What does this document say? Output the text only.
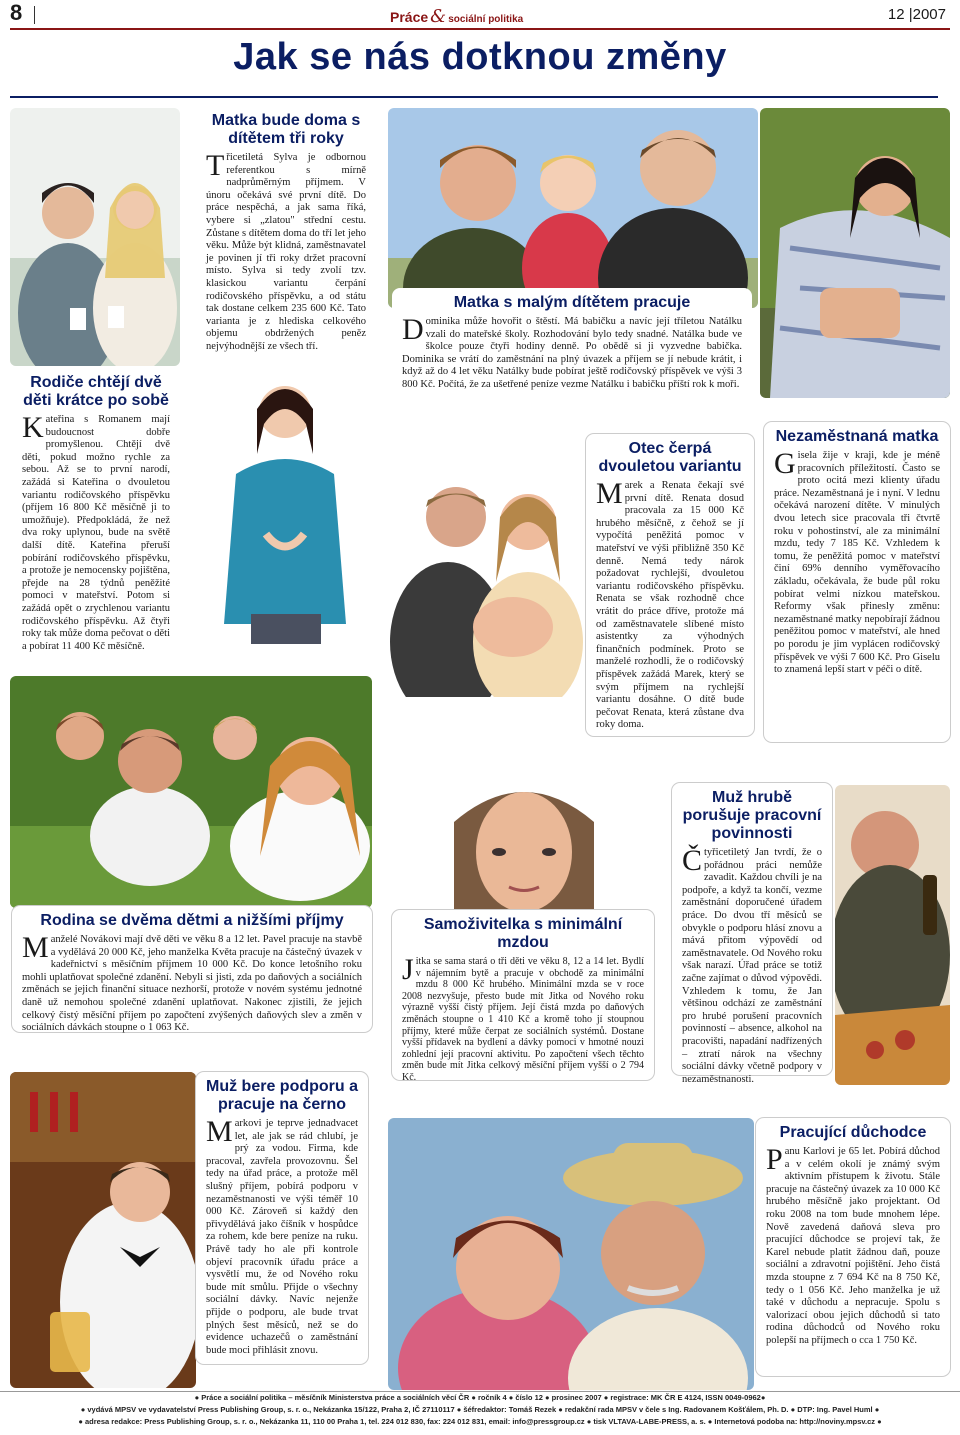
8	Práce & sociální politika	12 |2007
Jak se nás dotknou změny
Rodiče chtějí dvě děti krátce po sobě

Kateřina s Romanem mají budoucnost dobře promyšlenou. Chtějí dvě děti, pokud možno rychle za sebou. Až se to první narodí, zažádá si Kateřina o dvouletou variantu rodičovského příspěvku (příjem 16 800 Kč měsíčně ji to umožňuje). Předpokládá, že než dva roky uplynou, bude na světě další dítě. Kateřina přeruší pobírání rodičovského příspěvku, a protože je nemocensky pojištěna, přejde na 28 týdnů peněžité pomoci v mateřství. Potom si zažádá opět o zrychlenou variantu rodičovského příspěvku. Až čtyři roky tak může doma pečovat o děti a pobírat 11 400 Kč měsíčně.

Matka bude doma s dítětem tři roky

Třicetiletá Sylva je odbornou referentkou s mírně nadprůměrným příjmem. V únoru očekává své první dítě. Do práce nespěchá, a jak sama říká, vybere si „zlatou" střední cestu. Zůstane s dítětem doma do tří let jeho věku. Může být klidná, zaměstnavatel je povinen jí tři roky držet pracovní místo. Sylva si tedy zvolí tzv. klasickou variantu čerpání rodičovského příspěvku, a od státu tak dostane celkem 235 600 Kč. Tato varianta je z hlediska celkového objemu obdržených peněz nejvýhodnější ze všech tří.

Matka s malým dítětem pracuje

Dominika může hovořit o štěstí. Má babičku a navíc její tříletou Natálku vzali do mateřské školy. Rozhodování bylo tedy snadné. Natálka bude ve školce pouze čtyři hodiny denně. Po obědě si ji vyzvedne babička. Dominika se vrátí do zaměstnání na plný úvazek a příjem se jí nebude krátit, i když až do 4 let věku Natálky bude pobírat ještě rodičovský příspěvek ve výši 3 800 Kč. Počítá, že za ušetřené peníze vezme Natálku i babičku příští rok k moři.

Otec čerpá dvouletou variantu

Marek a Renata čekají své první dítě. Renata dosud pracovala za 15 000 Kč hrubého měsíčně, z čehož se jí vypočítá peněžitá pomoc v mateřství ve výši přibližně 350 Kč denně. Nemá tedy nárok požadovat rychlejší, dvouletou variantu rodičovského příspěvku. Renata se však rozhodně chce vrátit do práce dříve, protože má od zaměstnavatele slíbené místo asistentky za výhodných finančních podmínek. Proto se manželé rozhodli, že o rodičovský příspěvek zažádá Marek, který se svým příjmem na rychlejší variantu dosáhne. O dítě bude pečovat Renata, která zůstane dva roky doma.

Nezaměstnaná matka

Gisela žije v kraji, kde je méně pracovních příležitostí. Často se proto ocitá mezi klienty úřadu práce. Nezaměstnaná je i nyní. V lednu očekává narození dítěte. V minulých dvou letech sice pracovala tři čtvrtě roku v pohostinství, ale za minimální mzdu, tedy 7 185 Kč. Vzhledem k tomu, že peněžitá pomoc v mateřství činí 69% denního vyměřovacího základu, očekávala, že bude půl roku pobírat velmi nízkou mateřskou. Reformy však přinesly změnu: nezaměstnané matky nepobírají žádnou peněžitou pomoc v mateřství, ale hned po porodu je jim vyplácen rodičovský příspěvek ve výši 7 600 Kč. Pro Giselu to znamená lepší start v péči o dítě.

Rodina se dvěma dětmi a nižšími příjmy

Manželé Novákovi mají dvě děti ve věku 8 a 12 let. Pavel pracuje na stavbě a vydělává 20 000 Kč, jeho manželka Květa pracuje na částečný úvazek v kadeřnictví s měsíčním příjmem 10 000 Kč. Do konce letošního roku mohli uplatňovat společné zdanění. Nebyli si jisti, zda po daňových a sociálních změnách se jejich finanční situace nezhorší, protože v novém systému jednotné daně už nemohou společné zdanění uplatňovat. Nakonec zjistili, že jejich celkový čistý měsíční příjem po započtení zvýšených daňových slev a změn v sociálních dávkách stoupne o 1 063 Kč.

Samoživitelka s minimální mzdou

Jitka se sama stará o tři děti ve věku 8, 12 a 14 let. Bydlí v nájemním bytě a pracuje v obchodě za minimální mzdu 8 000 Kč hrubého. Minimální mzda se v roce 2008 nezvyšuje, přesto bude mít Jitka od Nového roku výrazně vyšší čistý příjem. Její čistá mzda po daňových změnách stoupne o 1 410 Kč a kromě toho jí stoupnou příjmy, které může čerpat ze sociálních systémů. Dostane vyšší přídavek na bydlení a dávky pomoci v hmotné nouzi zohlední její pracovní aktivitu. Po započtení všech těchto změn bude mít Jitka celkový měsíční příjem vyšší o 2 794 Kč.

Muž hrubě porušuje pracovní povinnosti

Čtyřicetiletý Jan tvrdí, že o pořádnou práci nemůže zavadit. Každou chvíli je na podpoře, a když ta končí, vezme zaměstnání doporučené úřadem práce. Do dvou tří měsíců se obvykle o podporu hlásí znovu a mává přitom výpovědí od zaměstnavatele. Od Nového roku však narazí. Úřad práce se totiž začne zajímat o důvod výpovědi. Vzhledem k tomu, že Jan většinou odchází ze zaměstnání pro hrubé porušení pracovních povinností – absence, alkohol na pracovišti, napadání nadřízených – ztratí nárok na všechny sociální dávky včetně podpory v nezaměstnanosti.

Muž bere podporu a pracuje na černo

Markovi je teprve jednadvacet let, ale jak se rád chlubí, je prý za vodou. Firma, kde pracoval, zavřela provozovnu. Šel tedy na úřad práce, a protože měl slušný příjem, pobírá podporu v nezaměstnanosti ve výši téměř 10 000 Kč. Zároveň si každý den přivydělává jako číšník v hospůdce za rohem, kde bere peníze na ruku. Právě tady ho ale při kontrole objeví pracovník úřadu práce a vysvětlí mu, že od Nového roku bude mít smůlu. Přijde o všechny sociální dávky. Navíc nejenže přijde o podporu, ale bude trvat plných šest měsíců, než se do evidence uchazečů o zaměstnání bude moci přihlásit znovu.

Pracující důchodce

Panu Karlovi je 65 let. Pobírá důchod a v celém okolí je známý svým aktivním přístupem k životu. Stále pracuje na částečný úvazek za 10 000 Kč hrubého měsíčně jako projektant. Od roku 2008 na tom bude mnohem lépe. Nově zavedená daňová sleva pro pracující důchodce se projeví tak, že Karel nebude platit žádnou daň, pouze sociální a zdravotní pojištění. Jeho čistá mzda stoupne z 7 694 Kč na 8 750 Kč, tedy o 1 056 Kč. Jeho manželka je už také v důchodu a nepracuje. Spolu s valorizací obou jejich důchodů si tato rodina důchodců od Nového roku polepší na příjmech o cca 1 750 Kč.

● Práce a sociální politika – měsíčník Ministerstva práce a sociálních věcí ČR ● ročník 4 ● číslo 12 ● prosinec 2007 ● registrace: MK ČR E 4124, ISSN 0049-0962●

● vydává MPSV ve vydavatelství Press Publishing Group, s. r. o., Nekázanka 15/122, Praha 2, IČ 27110117 ● šéfredaktor: Tomáš Rezek ● redakční rada MPSV v čele s Ing. Radovanem Košťálem, Ph. D. ● DTP: Ing. Pavel Huml ●

● adresa redakce: Press Publishing Group, s. r. o., Nekázanka 11, 110 00 Praha 1, tel. 224 012 830, fax: 224 012 831, email: info@pressgroup.cz ● tisk VLTAVA-LABE-PRESS, a. s. ● Internetová podoba na: http://noviny.mpsv.cz ●
